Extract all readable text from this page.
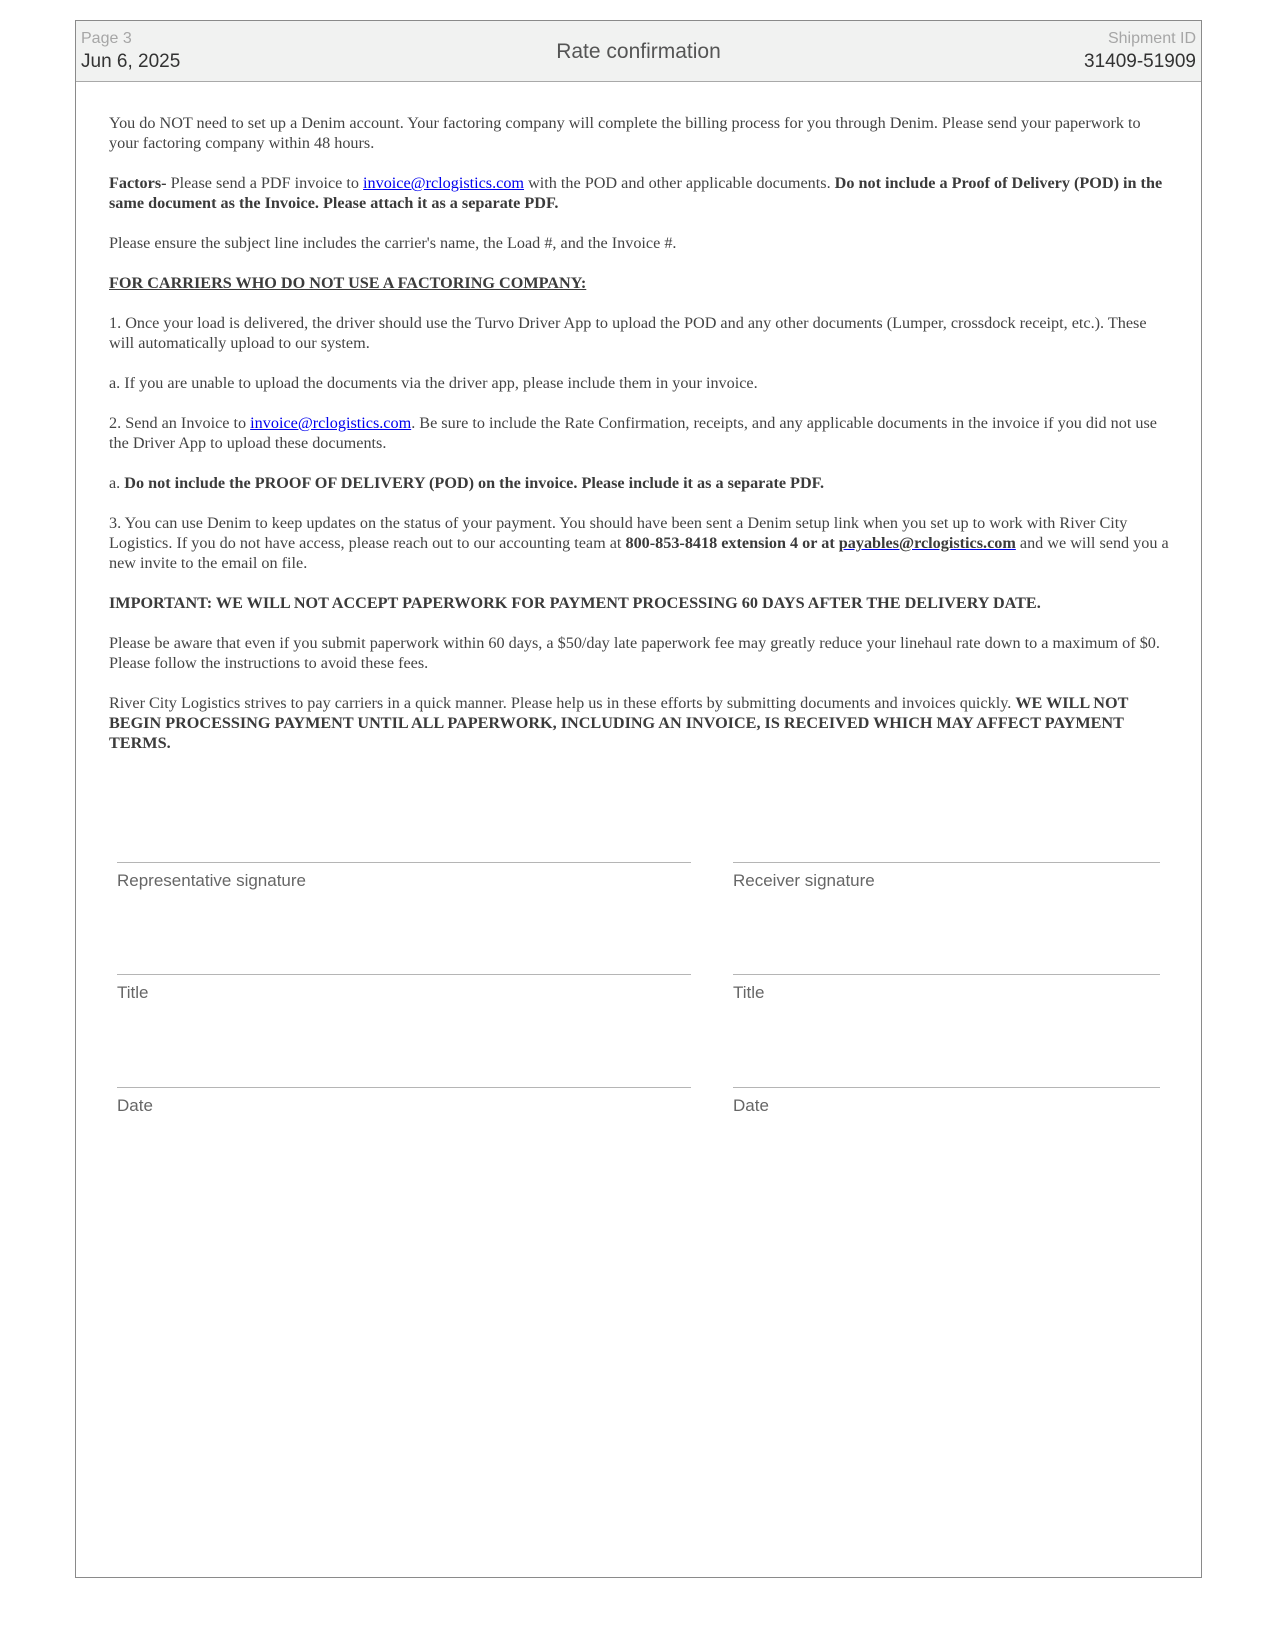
Page 3
Jun 6, 2025	Rate confirmation
Shipment ID
31409-51909

You do NOT need to set up a Denim account. Your factoring company will complete the billing process for you through Denim. Please send your paperwork to your factoring company within 48 hours.

Factors- Please send a PDF invoice to invoice@rclogistics.com with the POD and other applicable documents. Do not include a Proof of Delivery (POD) in the same document as the Invoice. Please attach it as a separate PDF.

Please ensure the subject line includes the carrier's name, the Load #, and the Invoice #.

FOR CARRIERS WHO DO NOT USE A FACTORING COMPANY:

1. Once your load is delivered, the driver should use the Turvo Driver App to upload the POD and any other documents (Lumper, crossdock receipt, etc.). These will automatically upload to our system.

a. If you are unable to upload the documents via the driver app, please include them in your invoice.

2. Send an Invoice to invoice@rclogistics.com. Be sure to include the Rate Confirmation, receipts, and any applicable documents in the invoice if you did not use the Driver App to upload these documents.

a. Do not include the PROOF OF DELIVERY (POD) on the invoice. Please include it as a separate PDF.

3. You can use Denim to keep updates on the status of your payment. You should have been sent a Denim setup link when you set up to work with River City Logistics. If you do not have access, please reach out to our accounting team at 800-853-8418 extension 4 or at payables@rclogistics.com and we will send you a new invite to the email on file.

IMPORTANT: WE WILL NOT ACCEPT PAPERWORK FOR PAYMENT PROCESSING 60 DAYS AFTER THE DELIVERY DATE.

Please be aware that even if you submit paperwork within 60 days, a $50/day late paperwork fee may greatly reduce your linehaul rate down to a maximum of $0. Please follow the instructions to avoid these fees.

River City Logistics strives to pay carriers in a quick manner. Please help us in these efforts by submitting documents and invoices quickly. WE WILL NOT BEGIN PROCESSING PAYMENT UNTIL ALL PAPERWORK, INCLUDING AN INVOICE, IS RECEIVED WHICH MAY AFFECT PAYMENT TERMS.

Representative signature	Receiver signature
Title	Title
Date	Date
